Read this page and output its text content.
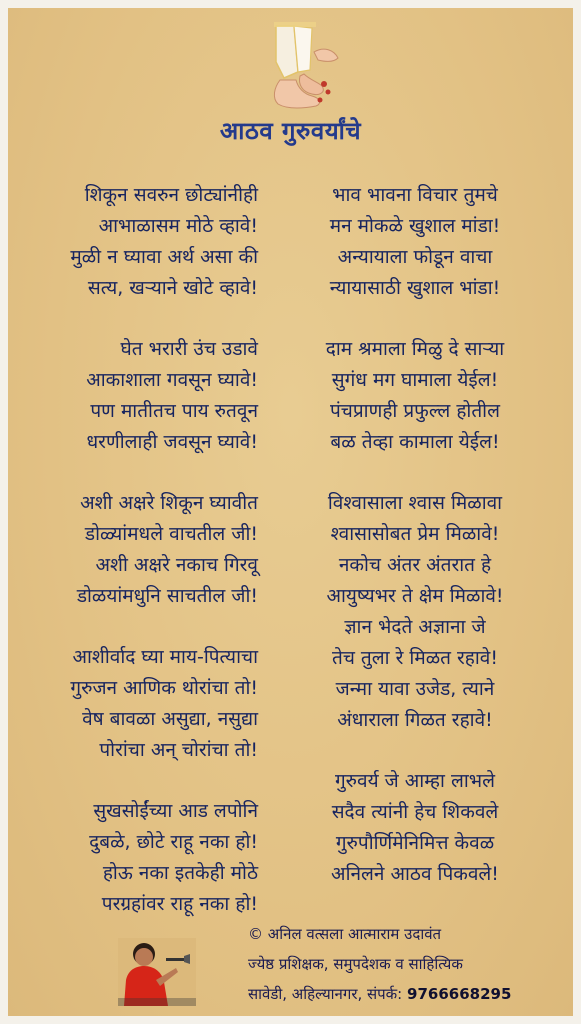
आठव गुरुवर्यांचे
शिकून सवरुन छोट्यांनीही
आभाळासम मोठे व्हावे!
मुळी न घ्यावा अर्थ असा की
सत्य, खऱ्याने खोटे व्हावे!
घेत भरारी उंच उडावे
आकाशाला गवसून घ्यावे!
पण मातीतच पाय रुतवून
धरणीलाही जवसून घ्यावे!
अशी अक्षरे शिकून घ्यावीत
डोळ्यांमधले वाचतील जी!
अशी अक्षरे नकाच गिरवू
डोळयांमधुनि साचतील जी!
आशीर्वाद घ्या माय-पित्याचा
गुरुजन आणिक थोरांचा तो!
वेष बावळा असुद्या, नसुद्या
पोरांचा अन् चोरांचा तो!
सुखसोईंच्या आड लपोनि
दुबळे, छोटे राहू नका हो!
होऊ नका इतकेही मोठे
परग्रहांवर राहू नका हो!
भाव भावना विचार तुमचे
मन मोकळे खुशाल मांडा!
अन्यायाला फोडून वाचा
न्यायासाठी खुशाल भांडा!
दाम श्रमाला मिळु दे साऱ्या
सुगंध मग घामाला येईल!
पंचप्राणही प्रफुल्ल होतील
बळ तेव्हा कामाला येईल!
विश्वासाला श्वास मिळावा
श्वासासोबत प्रेम मिळावे!
नकोच अंतर अंतरात हे
आयुष्यभर ते क्षेम मिळावे!
ज्ञान भेदते अज्ञाना जे
तेच तुला रे मिळत रहावे!
जन्मा यावा उजेड, त्याने
अंधाराला गिळत रहावे!
गुरुवर्य जे आम्हा लाभले
सदैव त्यांनी हेच शिकवले
गुरुपौर्णिमेनिमित्त केवळ
अनिलने आठव पिकवले!
© अनिल वत्सला आत्माराम उदावंत
ज्येष्ठ प्रशिक्षक, समुपदेशक व साहित्यिक
सावेडी, अहिल्यानगर, संपर्क: 9766668295
